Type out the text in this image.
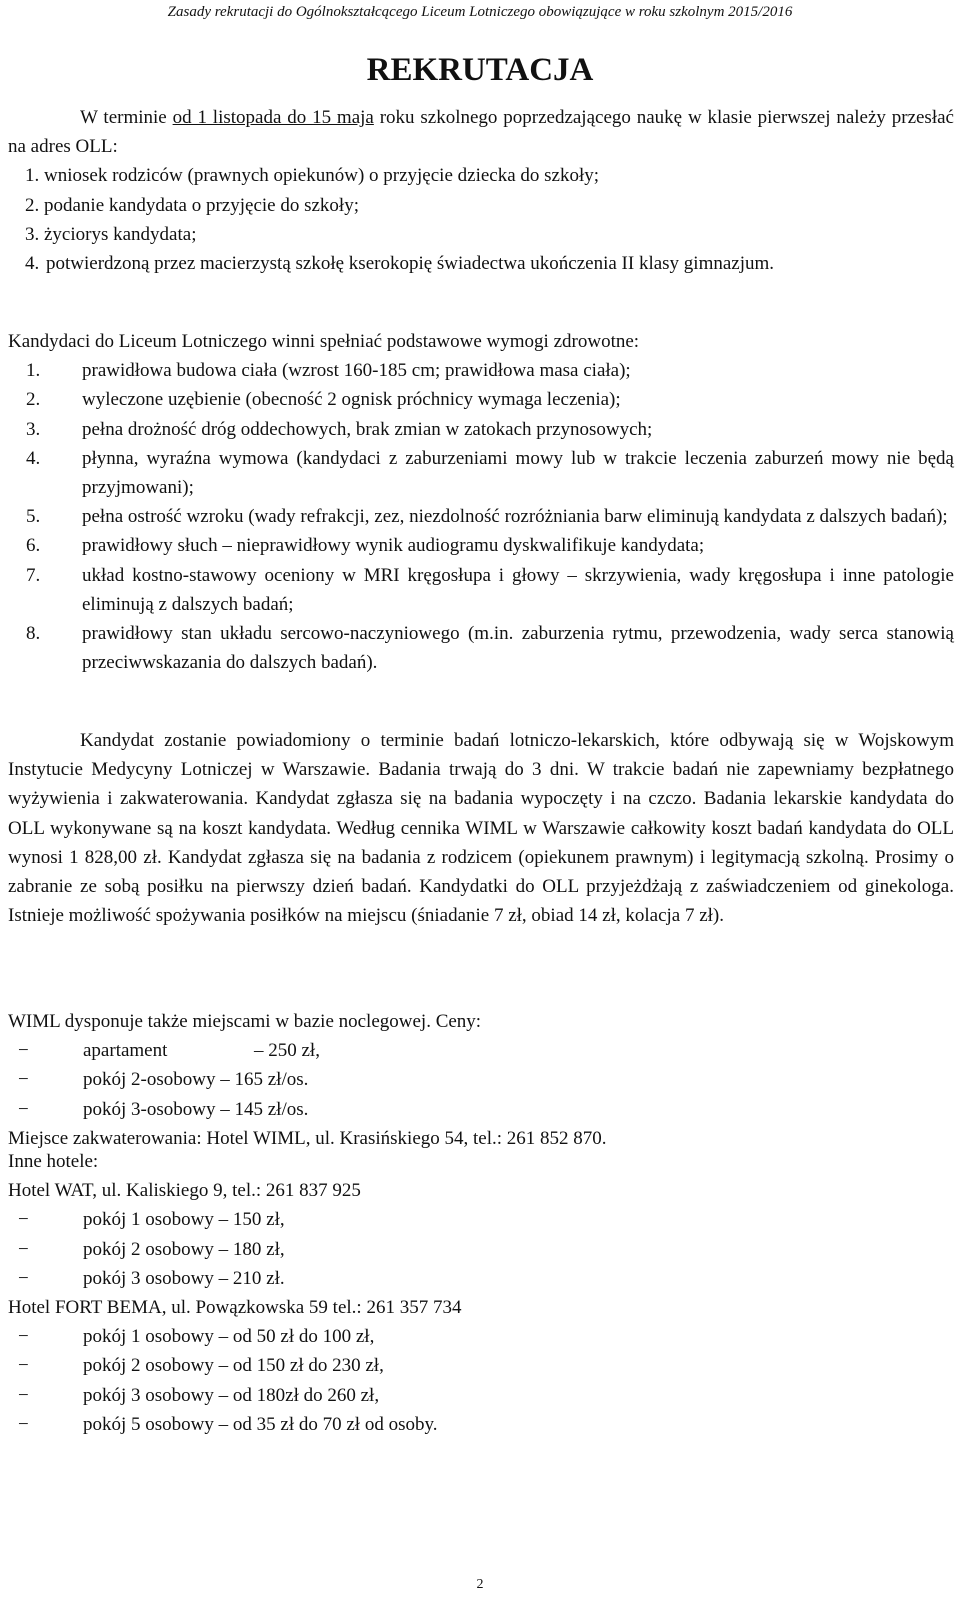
Zasady rekrutacji do Ogólnokształcącego Liceum Lotniczego obowiązujące w roku szkolnym 2015/2016
REKRUTACJA
W terminie od 1 listopada do 15 maja roku szkolnego poprzedzającego naukę w klasie pierwszej należy przesłać na adres OLL:
1. wniosek rodziców (prawnych opiekunów) o przyjęcie dziecka do szkoły;
2. podanie kandydata o przyjęcie do szkoły;
3. życiorys kandydata;
4. potwierdzoną przez macierzystą szkołę kserokopię świadectwa ukończenia II klasy gimnazjum.
Kandydaci do Liceum Lotniczego winni spełniać podstawowe wymogi zdrowotne:
1. prawidłowa budowa ciała (wzrost 160-185 cm; prawidłowa masa ciała);
2. wyleczone uzębienie (obecność 2 ognisk próchnicy wymaga leczenia);
3. pełna drożność dróg oddechowych, brak zmian w zatokach przynosowych;
4. płynna, wyraźna wymowa (kandydaci z zaburzeniami mowy lub w trakcie leczenia zaburzeń mowy nie będą przyjmowani);
5. pełna ostrość wzroku (wady refrakcji, zez, niezdolność rozróżniania barw eliminują kandydata z dalszych badań);
6. prawidłowy słuch – nieprawidłowy wynik audiogramu dyskwalifikuje kandydata;
7. układ kostno-stawowy oceniony w MRI kręgosłupa i głowy – skrzywienia, wady kręgosłupa i inne patologie eliminują z dalszych badań;
8. prawidłowy stan układu sercowo-naczyniowego (m.in. zaburzenia rytmu, przewodzenia, wady serca stanowią przeciwwskazania do dalszych badań).
Kandydat zostanie powiadomiony o terminie badań lotniczo-lekarskich, które odbywają się w Wojskowym Instytucie Medycyny Lotniczej w Warszawie. Badania trwają do 3 dni. W trakcie badań nie zapewniamy bezpłatnego wyżywienia i zakwaterowania. Kandydat zgłasza się na badania wypoczęty i na czczo. Badania lekarskie kandydata do OLL wykonywane są na koszt kandydata. Według cennika WIML w Warszawie całkowity koszt badań kandydata do OLL wynosi 1 828,00 zł. Kandydat zgłasza się na badania z rodzicem (opiekunem prawnym) i legitymacją szkolną. Prosimy o zabranie ze sobą posiłku na pierwszy dzień badań. Kandydatki do OLL przyjeżdżają z zaświadczeniem od ginekologa. Istnieje możliwość spożywania posiłków na miejscu (śniadanie 7 zł, obiad 14 zł, kolacja 7 zł).
WIML dysponuje także miejscami w bazie noclegowej. Ceny:
−	apartament	– 250 zł,
−	pokój 2-osobowy – 165 zł/os.
−	pokój 3-osobowy – 145 zł/os.
Miejsce zakwaterowania: Hotel WIML, ul. Krasińskiego 54, tel.: 261 852 870.
Inne hotele:
Hotel WAT, ul. Kaliskiego 9, tel.: 261 837 925
−	pokój 1 osobowy – 150 zł,
−	pokój 2 osobowy – 180 zł,
−	pokój 3 osobowy – 210 zł.
Hotel FORT BEMA, ul. Powązkowska 59 tel.: 261 357 734
−	pokój 1 osobowy – od 50 zł do 100 zł,
−	pokój 2 osobowy – od 150 zł do 230 zł,
−	pokój 3 osobowy – od 180zł do 260 zł,
−	pokój 5 osobowy – od 35 zł do 70 zł od osoby.
2
